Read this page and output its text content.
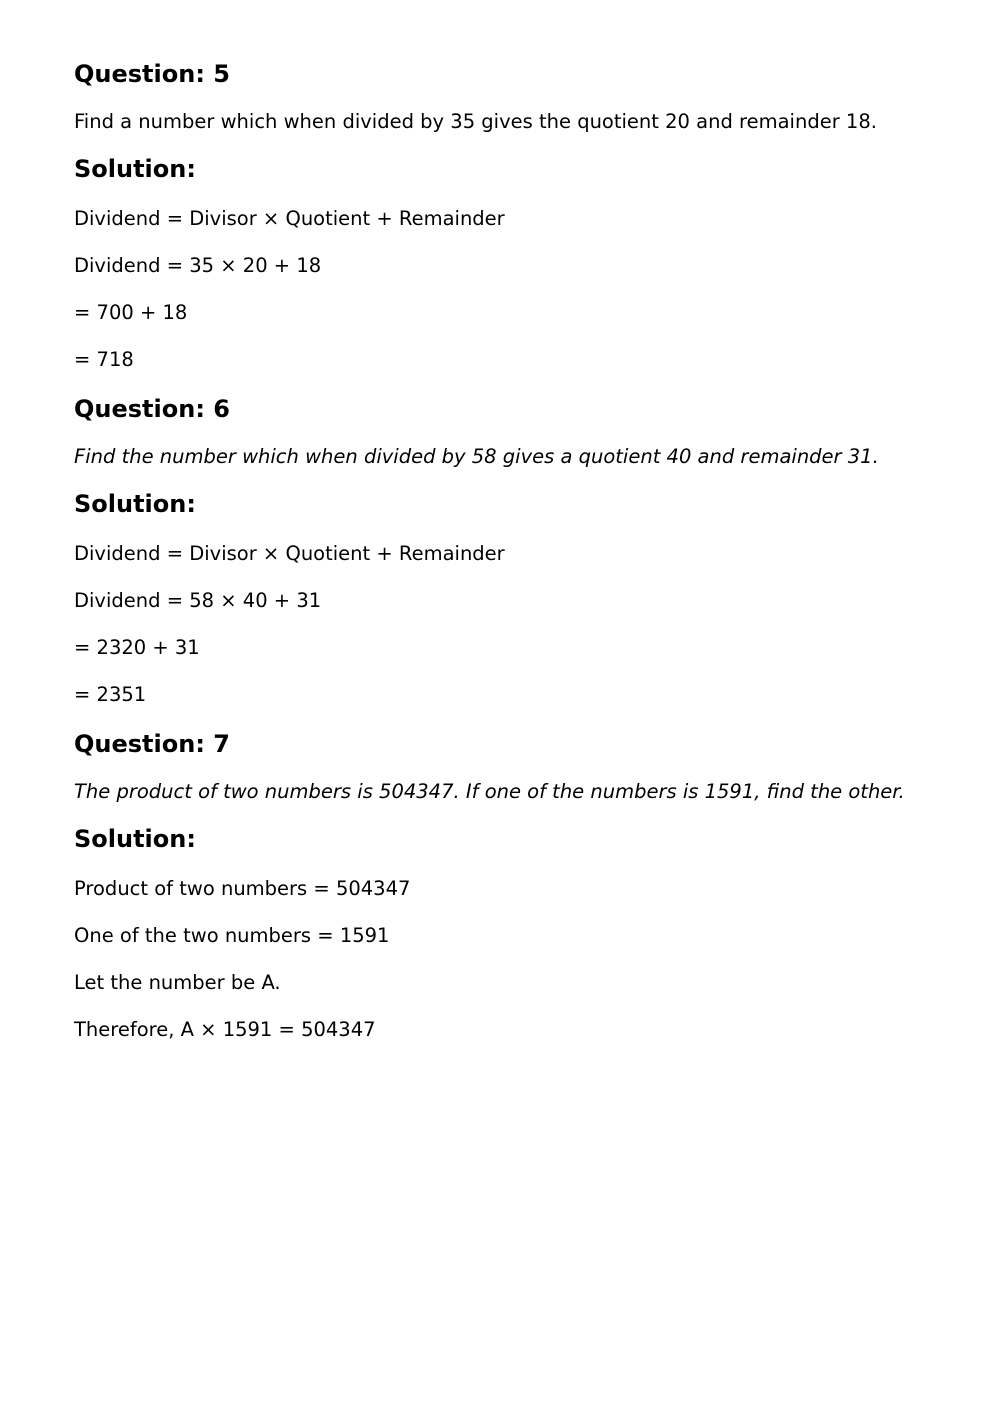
Question: 5
Find a number which when divided by 35 gives the quotient 20 and remainder 18.
Solution:
Dividend = Divisor × Quotient + Remainder
Dividend = 35 × 20 + 18
= 700 + 18
= 718
Question: 6
Find the number which when divided by 58 gives a quotient 40 and remainder 31.
Solution:
Dividend = Divisor × Quotient + Remainder
Dividend = 58 × 40 + 31
= 2320 + 31
= 2351
Question: 7
The product of two numbers is 504347. If one of the numbers is 1591, find the other.
Solution:
Product of two numbers = 504347
One of the two numbers = 1591
Let the number be A.
Therefore, A × 1591 = 504347
